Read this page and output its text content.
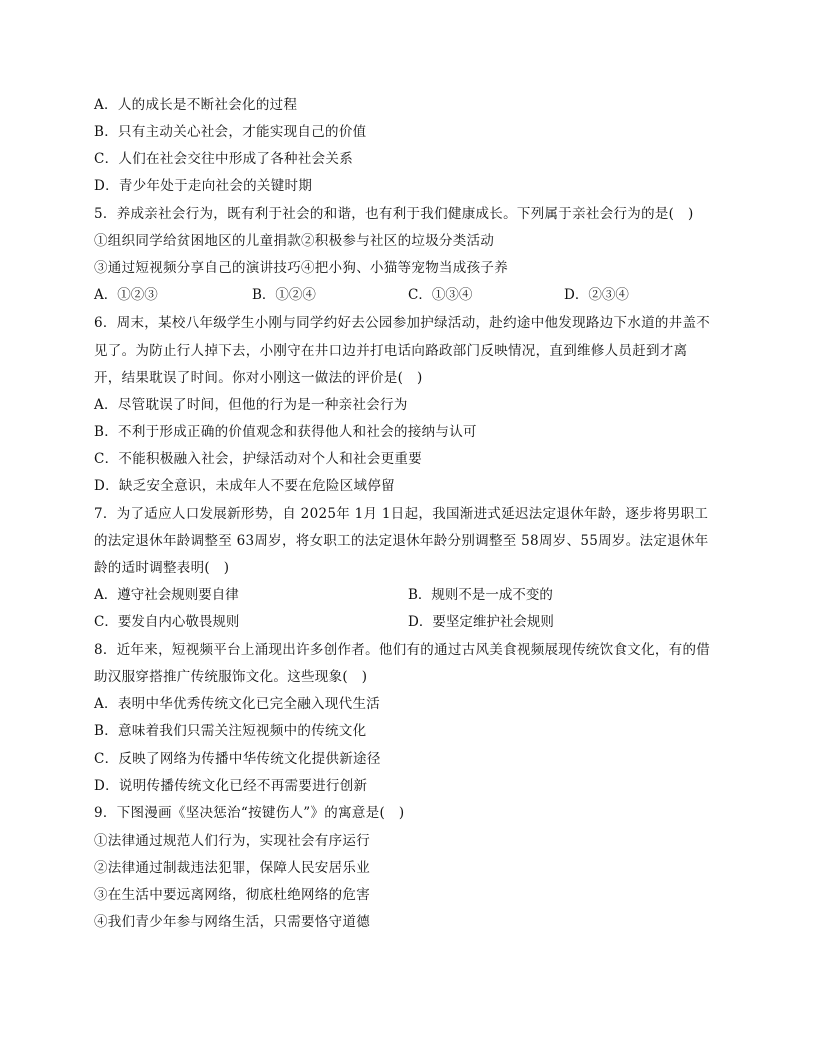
A．人的成长是不断社会化的过程
B．只有主动关心社会，才能实现自己的价值
C．人们在社会交往中形成了各种社会关系
D．青少年处于走向社会的关键时期
5．养成亲社会行为，既有利于社会的和谐，也有利于我们健康成长。下列属于亲社会行为的是(　)
①组织同学给贫困地区的儿童捐款②积极参与社区的垃圾分类活动
③通过短视频分享自己的演讲技巧④把小狗、小猫等宠物当成孩子养
A．①②③	B．①②④	C．①③④	D．②③④
6．周末，某校八年级学生小刚与同学约好去公园参加护绿活动，赴约途中他发现路边下水道的井盖不
见了。为防止行人掉下去，小刚守在井口边并打电话向路政部门反映情况，直到维修人员赶到才离
开，结果耽误了时间。你对小刚这一做法的评价是(　)
A．尽管耽误了时间，但他的行为是一种亲社会行为
B．不利于形成正确的价值观念和获得他人和社会的接纳与认可
C．不能积极融入社会，护绿活动对个人和社会更重要
D．缺乏安全意识，未成年人不要在危险区域停留
7．为了适应人口发展新形势，自 2025年 1月 1日起，我国渐进式延迟法定退休年龄，逐步将男职工
的法定退休年龄调整至 63周岁，将女职工的法定退休年龄分别调整至 58周岁、55周岁。法定退休年
龄的适时调整表明(　)
A．遵守社会规则要自律	B．规则不是一成不变的
C．要发自内心敬畏规则	D．要坚定维护社会规则
8．近年来，短视频平台上涌现出许多创作者。他们有的通过古风美食视频展现传统饮食文化，有的借
助汉服穿搭推广传统服饰文化。这些现象(　)
A．表明中华优秀传统文化已完全融入现代生活
B．意味着我们只需关注短视频中的传统文化
C．反映了网络为传播中华传统文化提供新途径
D．说明传播传统文化已经不再需要进行创新
9．下图漫画《坚决惩治“按键伤人”》的寓意是(　)
①法律通过规范人们行为，实现社会有序运行
②法律通过制裁违法犯罪，保障人民安居乐业
③在生活中要远离网络，彻底杜绝网络的危害
④我们青少年参与网络生活，只需要恪守道德
